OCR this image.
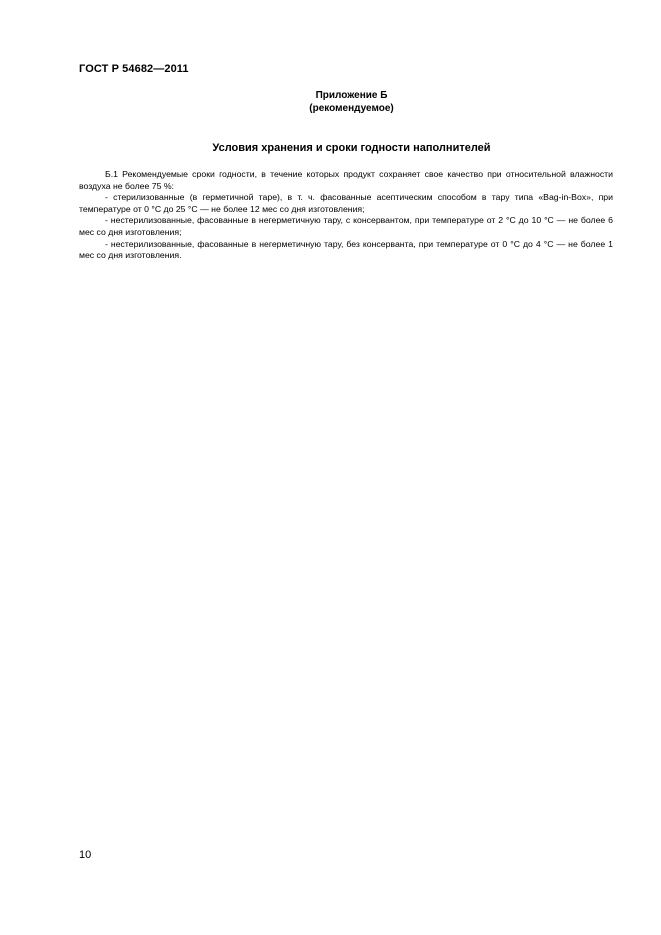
ГОСТ Р 54682—2011
Приложение Б
(рекомендуемое)
Условия хранения и сроки годности наполнителей

Б.1 Рекомендуемые сроки годности, в течение которых продукт сохраняет свое качество при относительной влажности воздуха не более 75 %:

- стерилизованные (в герметичной таре), в т. ч. фасованные асептическим способом в тару типа «Bag-in-Box», при температуре от 0 °С до 25 °С — не более 12 мес со дня изготовления;

- нестерилизованные, фасованные в негерметичную тару, с консервантом, при температуре от 2 °С до 10 °С — не более 6 мес со дня изготовления;

- нестерилизованные, фасованные в негерметичную тару, без консерванта, при температуре от 0 °С до 4 °С — не более 1 мес со дня изготовления.

10
